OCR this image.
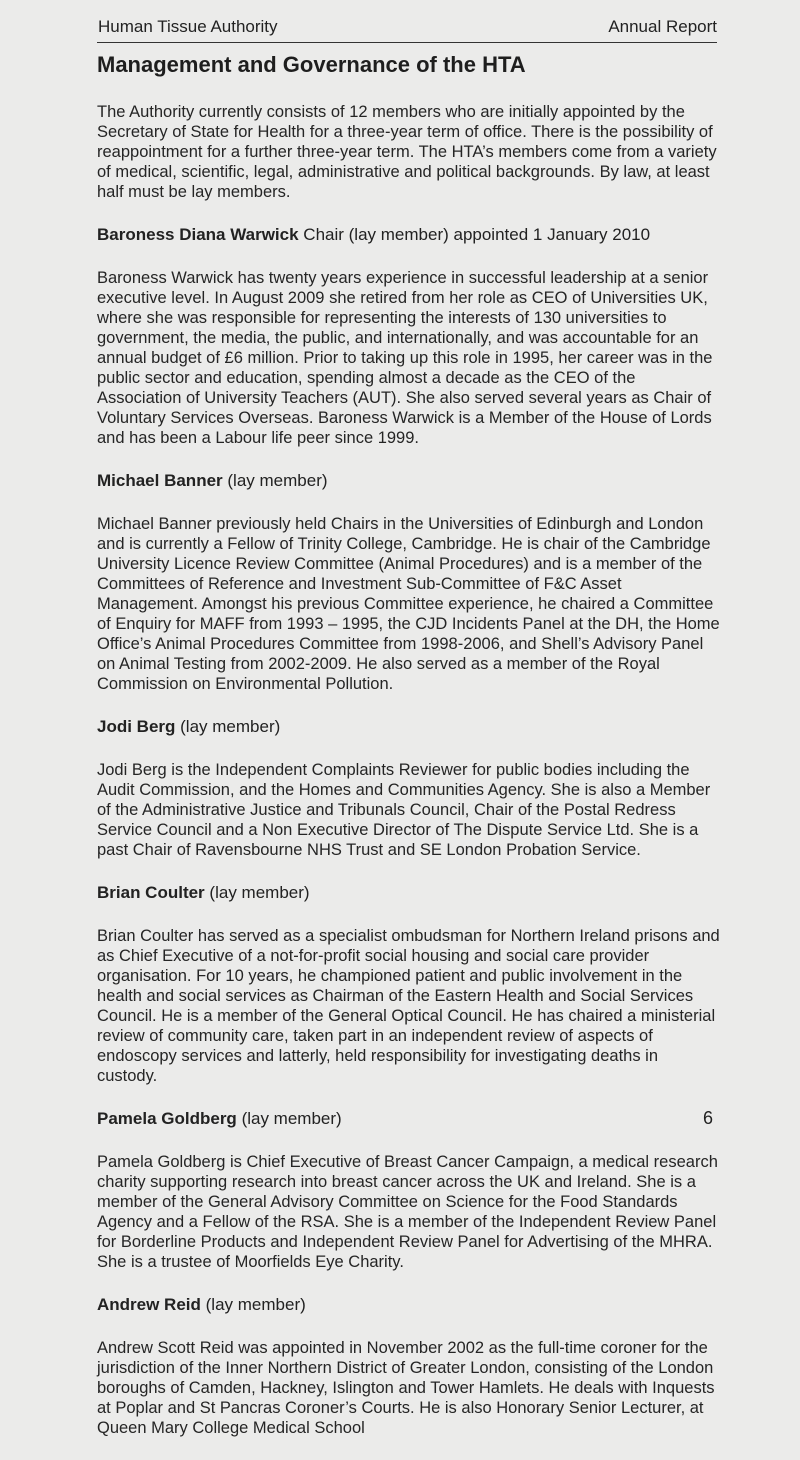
Human Tissue Authority	Annual Report
Management and Governance of the HTA

The Authority currently consists of 12 members who are initially appointed by the Secretary of State for Health for a three-year term of office. There is the possibility of reappointment for a further three-year term. The HTA’s members come from a variety of medical, scientific, legal, administrative and political backgrounds. By law, at least half must be lay members.

Baroness Diana Warwick Chair (lay member) appointed 1 January 2010

Baroness Warwick has twenty years experience in successful leadership at a senior executive level. In August 2009 she retired from her role as CEO of Universities UK, where she was responsible for representing the interests of 130 universities to government, the media, the public, and internationally, and was accountable for an annual budget of £6 million. Prior to taking up this role in 1995, her career was in the public sector and education, spending almost a decade as the CEO of the Association of University Teachers (AUT). She also served several years as Chair of Voluntary Services Overseas. Baroness Warwick is a Member of the House of Lords and has been a Labour life peer since 1999.

Michael Banner (lay member)

Michael Banner previously held Chairs in the Universities of Edinburgh and London and is currently a Fellow of Trinity College, Cambridge. He is chair of the Cambridge University Licence Review Committee (Animal Procedures) and is a member of the Committees of Reference and Investment Sub-Committee of F&C Asset Management. Amongst his previous Committee experience, he chaired a Committee of Enquiry for MAFF from 1993 – 1995, the CJD Incidents Panel at the DH, the Home Office’s Animal Procedures Committee from 1998-2006, and Shell’s Advisory Panel on Animal Testing from 2002-2009. He also served as a member of the Royal Commission on Environmental Pollution.

Jodi Berg (lay member)

Jodi Berg is the Independent Complaints Reviewer for public bodies including the Audit Commission, and the Homes and Communities Agency. She is also a Member of the Administrative Justice and Tribunals Council, Chair of the Postal Redress Service Council and a Non Executive Director of The Dispute Service Ltd. She is a past Chair of Ravensbourne NHS Trust and SE London Probation Service.

Brian Coulter (lay member)

Brian Coulter has served as a specialist ombudsman for Northern Ireland prisons and as Chief Executive of a not-for-profit social housing and social care provider organisation. For 10 years, he championed patient and public involvement in the health and social services as Chairman of the Eastern Health and Social Services Council. He is a member of the General Optical Council. He has chaired a ministerial review of community care, taken part in an independent review of aspects of endoscopy services and latterly, held responsibility for investigating deaths in custody.

Pamela Goldberg (lay member)

Pamela Goldberg is Chief Executive of Breast Cancer Campaign, a medical research charity supporting research into breast cancer across the UK and Ireland. She is a member of the General Advisory Committee on Science for the Food Standards Agency and a Fellow of the RSA. She is a member of the Independent Review Panel for Borderline Products and Independent Review Panel for Advertising of the MHRA. She is a trustee of Moorfields Eye Charity.

Andrew Reid (lay member)

Andrew Scott Reid was appointed in November 2002 as the full-time coroner for the jurisdiction of the Inner Northern District of Greater London, consisting of the London boroughs of Camden, Hackney, Islington and Tower Hamlets. He deals with Inquests at Poplar and St Pancras Coroner’s Courts. He is also Honorary Senior Lecturer, at Queen Mary College Medical School

6
